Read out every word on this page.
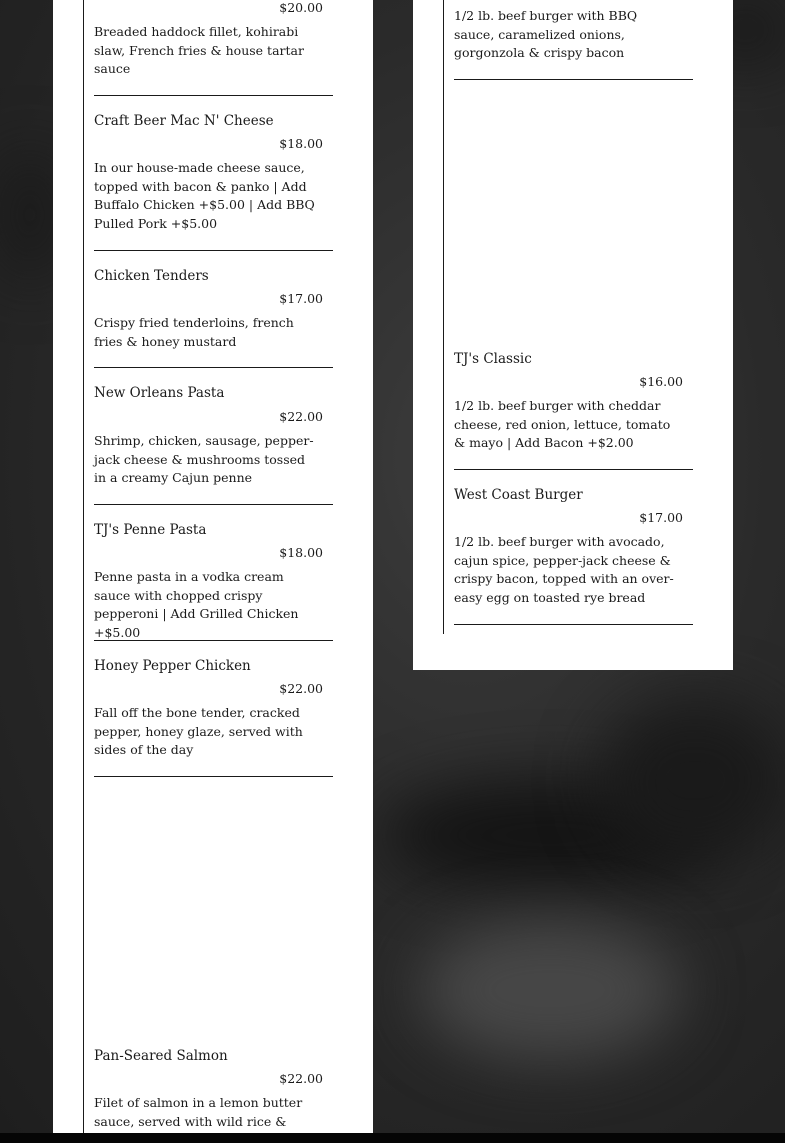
$20.00
Breaded haddock fillet, kohirabi slaw, French fries & house tartar sauce
Craft Beer Mac N' Cheese
$18.00
In our house-made cheese sauce, topped with bacon & panko | Add Buffalo Chicken +$5.00 | Add BBQ Pulled Pork +$5.00
Chicken Tenders
$17.00
Crispy fried tenderloins, french fries & honey mustard
New Orleans Pasta
$22.00
Shrimp, chicken, sausage, pepper-jack cheese & mushrooms tossed in a creamy Cajun penne
TJ's Penne Pasta
$18.00
Penne pasta in a vodka cream sauce with chopped crispy pepperoni | Add Grilled Chicken +$5.00
Honey Pepper Chicken
$22.00
Fall off the bone tender, cracked pepper, honey glaze, served with sides of the day
Pan-Seared Salmon
$22.00
Filet of salmon in a lemon butter sauce, served with wild rice &
1/2 lb. beef burger with BBQ sauce, caramelized onions, gorgonzola & crispy bacon
TJ's Classic
$16.00
1/2 lb. beef burger with cheddar cheese, red onion, lettuce, tomato & mayo | Add Bacon +$2.00
West Coast Burger
$17.00
1/2 lb. beef burger with avocado, cajun spice, pepper-jack cheese & crispy bacon, topped with an over-easy egg on toasted rye bread
